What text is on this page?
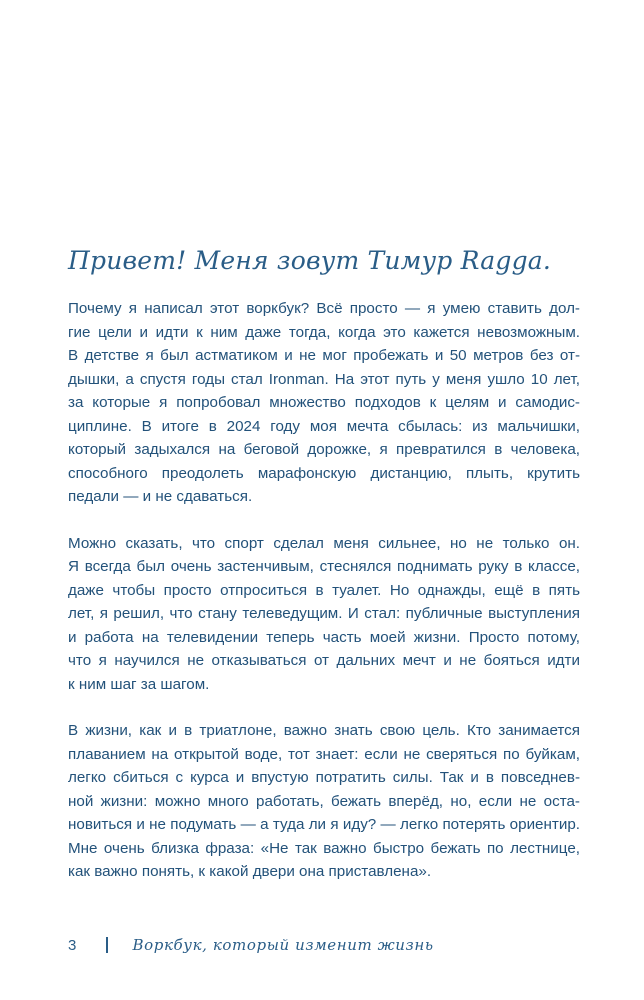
Привет! Меня зовут Тимур Ragga.

Почему я написал этот воркбук? Всё просто — я умею ставить дол-
гие цели и идти к ним даже тогда, когда это кажется невозможным.
В детстве я был астматиком и не мог пробежать и 50 метров без от-
дышки, а спустя годы стал Ironman. На этот путь у меня ушло 10 лет,
за которые я попробовал множество подходов к целям и самодис-
циплине. В итоге в 2024 году моя мечта сбылась: из мальчишки,
который задыхался на беговой дорожке, я превратился в человека,
способного преодолеть марафонскую дистанцию, плыть, крутить
педали — и не сдаваться.

Можно сказать, что спорт сделал меня сильнее, но не только он.
Я всегда был очень застенчивым, стеснялся поднимать руку в классе,
даже чтобы просто отпроситься в туалет. Но однажды, ещё в пять
лет, я решил, что стану телеведущим. И стал: публичные выступления
и работа на телевидении теперь часть моей жизни. Просто потому,
что я научился не отказываться от дальних мечт и не бояться идти
к ним шаг за шагом.

В жизни, как и в триатлоне, важно знать свою цель. Кто занимается
плаванием на открытой воде, тот знает: если не сверяться по буйкам,
легко сбиться с курса и впустую потратить силы. Так и в повседнев-
ной жизни: можно много работать, бежать вперёд, но, если не оста-
новиться и не подумать — а туда ли я иду? — легко потерять ориентир.
Мне очень близка фраза: «Не так важно быстро бежать по лестнице,
как важно понять, к какой двери она приставлена».

3	Воркбук, который изменит жизнь
